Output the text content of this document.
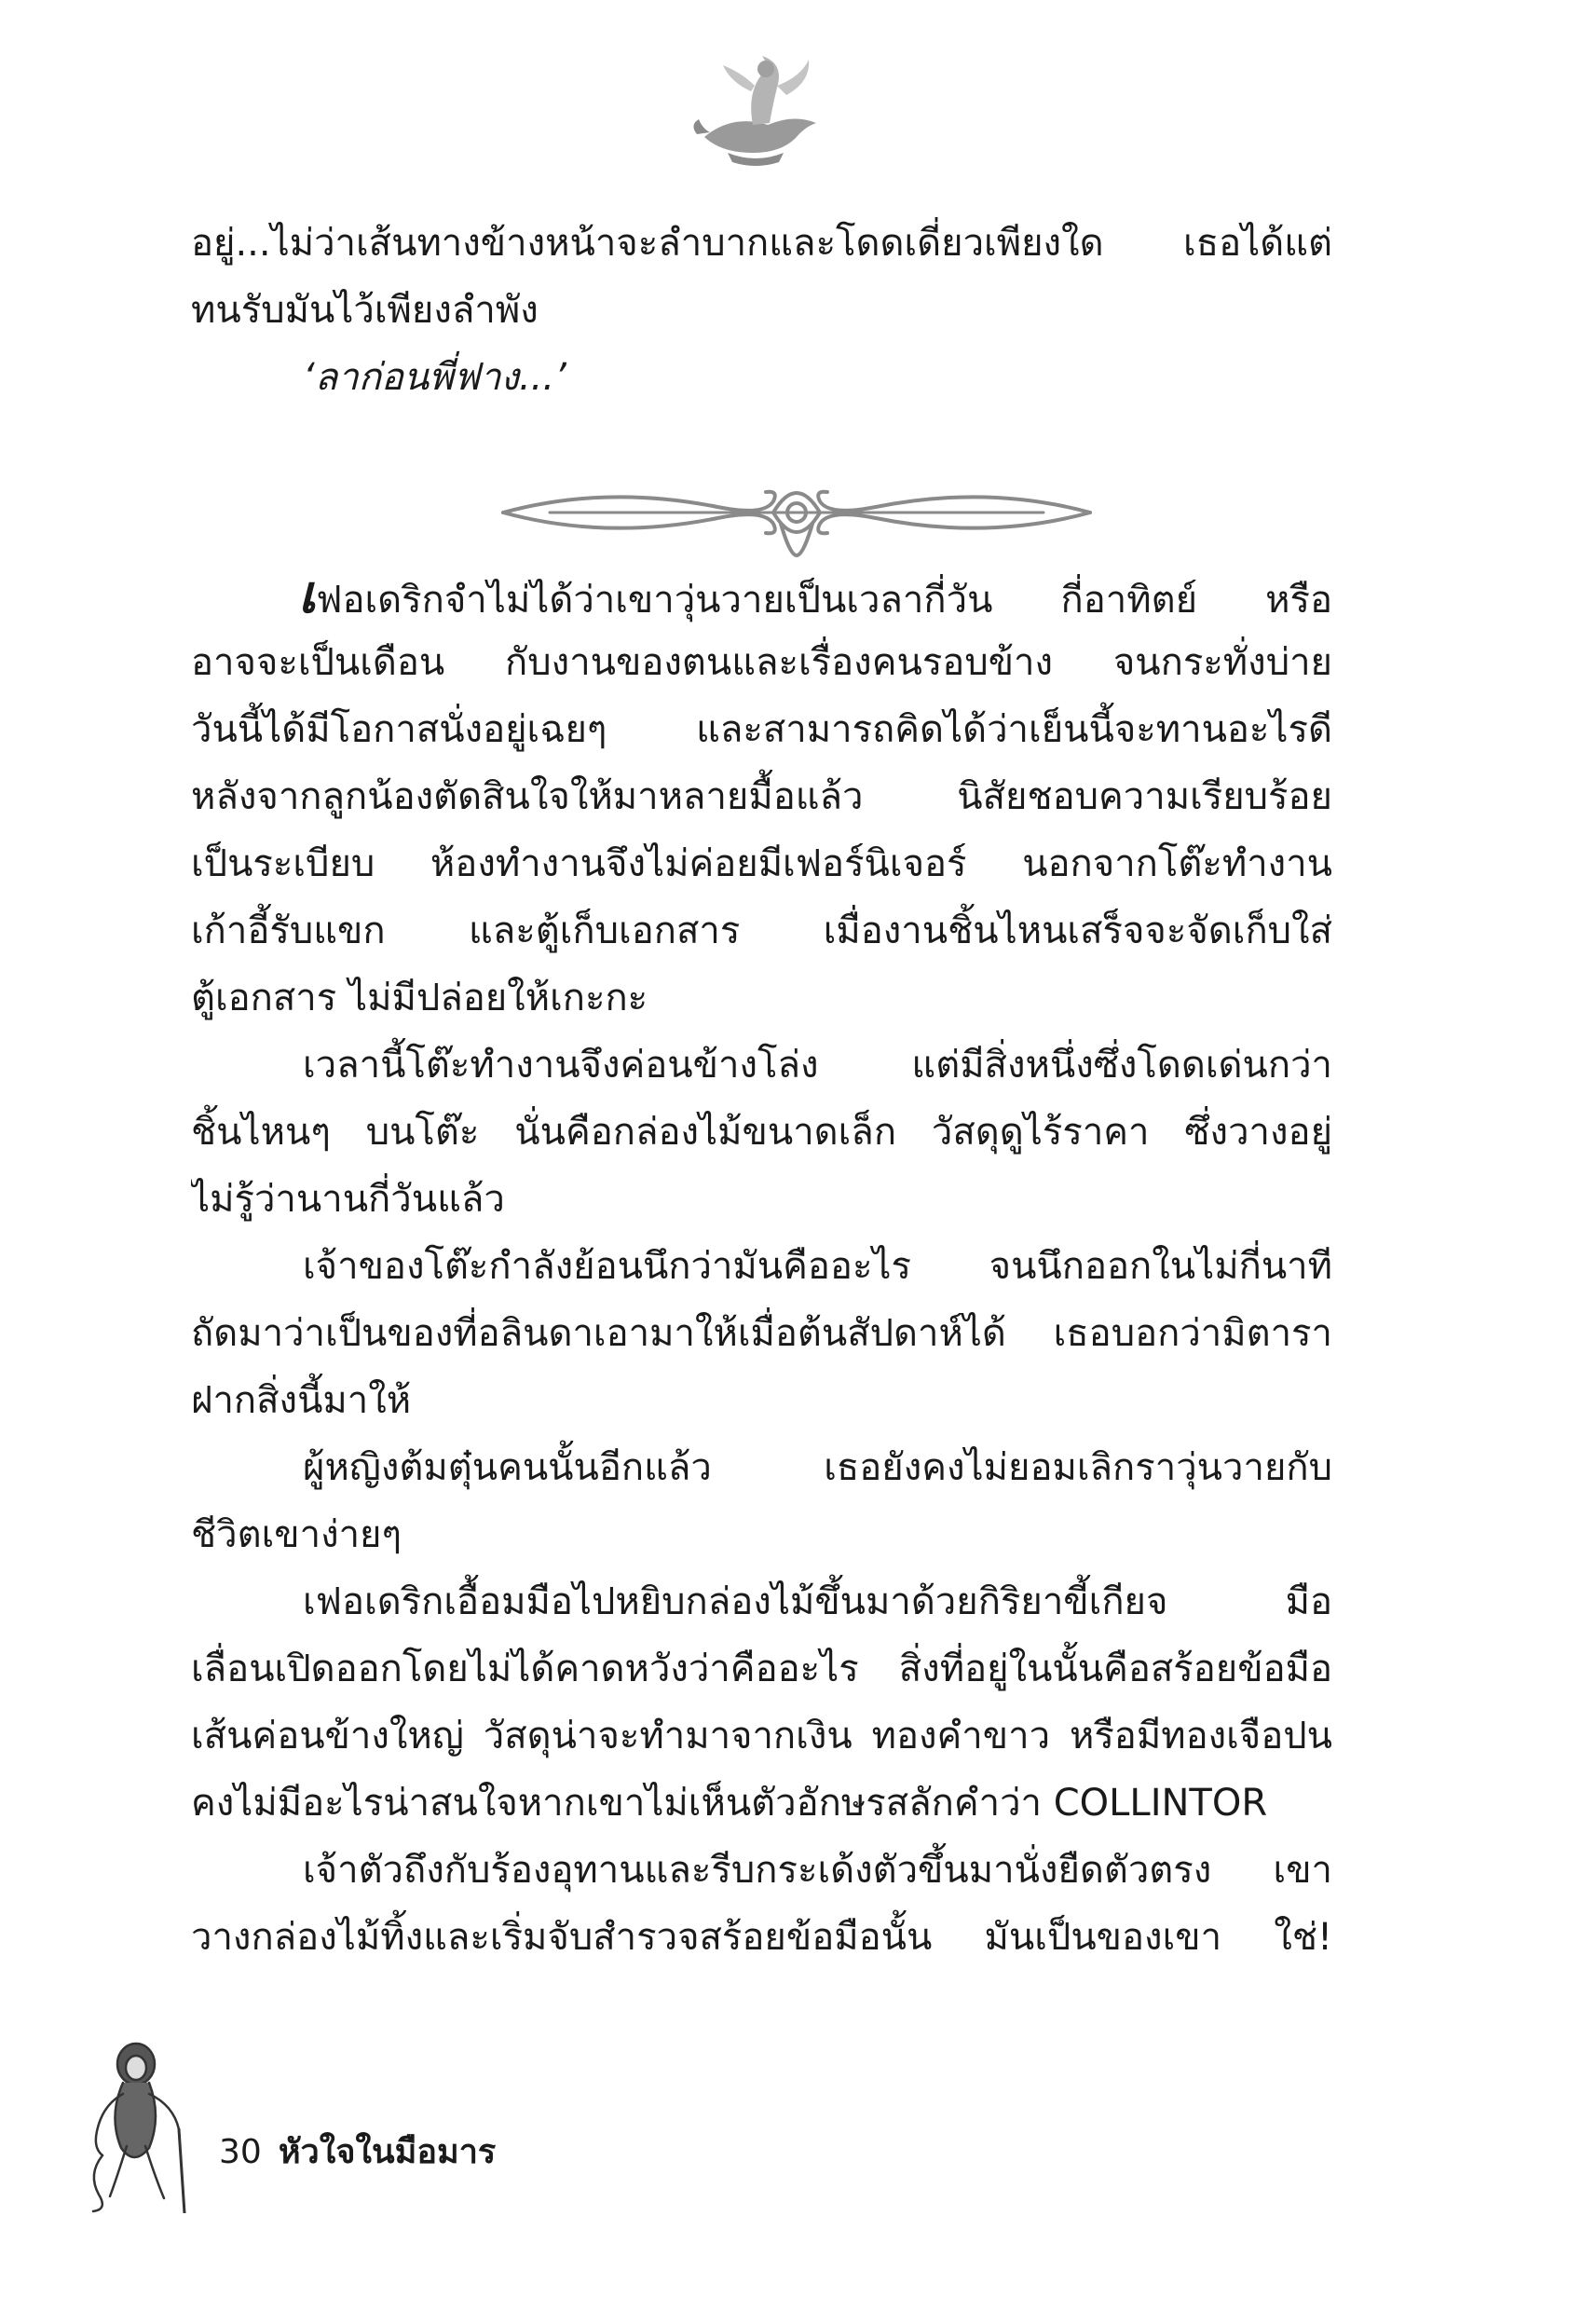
อยู่...ไม่ว่าเส้นทางข้างหน้าจะลำบากและโดดเดี่ยวเพียงใด เธอได้แต่
ทนรับมันไว้เพียงลำพัง
‘ลาก่อนพี่ฟาง...’
เฟอเดริกจำไม่ได้ว่าเขาวุ่นวายเป็นเวลากี่วัน กี่อาทิตย์ หรือ
อาจจะเป็นเดือน กับงานของตนและเรื่องคนรอบข้าง จนกระทั่งบ่าย
วันนี้ได้มีโอกาสนั่งอยู่เฉยๆ และสามารถคิดได้ว่าเย็นนี้จะทานอะไรดี
หลังจากลูกน้องตัดสินใจให้มาหลายมื้อแล้ว นิสัยชอบความเรียบร้อย
เป็นระเบียบ ห้องทำงานจึงไม่ค่อยมีเฟอร์นิเจอร์ นอกจากโต๊ะทำงาน
เก้าอี้รับแขก และตู้เก็บเอกสาร เมื่องานชิ้นไหนเสร็จจะจัดเก็บใส่
ตู้เอกสาร ไม่มีปล่อยให้เกะกะ
เวลานี้โต๊ะทำงานจึงค่อนข้างโล่ง แต่มีสิ่งหนึ่งซึ่งโดดเด่นกว่า
ชิ้นไหนๆ บนโต๊ะ นั่นคือกล่องไม้ขนาดเล็ก วัสดุดูไร้ราคา ซึ่งวางอยู่
ไม่รู้ว่านานกี่วันแล้ว
เจ้าของโต๊ะกำลังย้อนนึกว่ามันคืออะไร จนนึกออกในไม่กี่นาที
ถัดมาว่าเป็นของที่อลินดาเอามาให้เมื่อต้นสัปดาห์ได้ เธอบอกว่ามิตารา
ฝากสิ่งนี้มาให้
ผู้หญิงต้มตุ๋นคนนั้นอีกแล้ว เธอยังคงไม่ยอมเลิกราวุ่นวายกับ
ชีวิตเขาง่ายๆ
เฟอเดริกเอื้อมมือไปหยิบกล่องไม้ขึ้นมาด้วยกิริยาขี้เกียจ มือ
เลื่อนเปิดออกโดยไม่ได้คาดหวังว่าคืออะไร สิ่งที่อยู่ในนั้นคือสร้อยข้อมือ
เส้นค่อนข้างใหญ่ วัสดุน่าจะทำมาจากเงิน ทองคำขาว หรือมีทองเจือปน
คงไม่มีอะไรน่าสนใจหากเขาไม่เห็นตัวอักษรสลักคำว่า COLLINTOR
เจ้าตัวถึงกับร้องอุทานและรีบกระเด้งตัวขึ้นมานั่งยืดตัวตรง เขา
วางกล่องไม้ทิ้งและเริ่มจับสำรวจสร้อยข้อมือนั้น มันเป็นของเขา ใช่!
30 หัวใจในมือมาร
